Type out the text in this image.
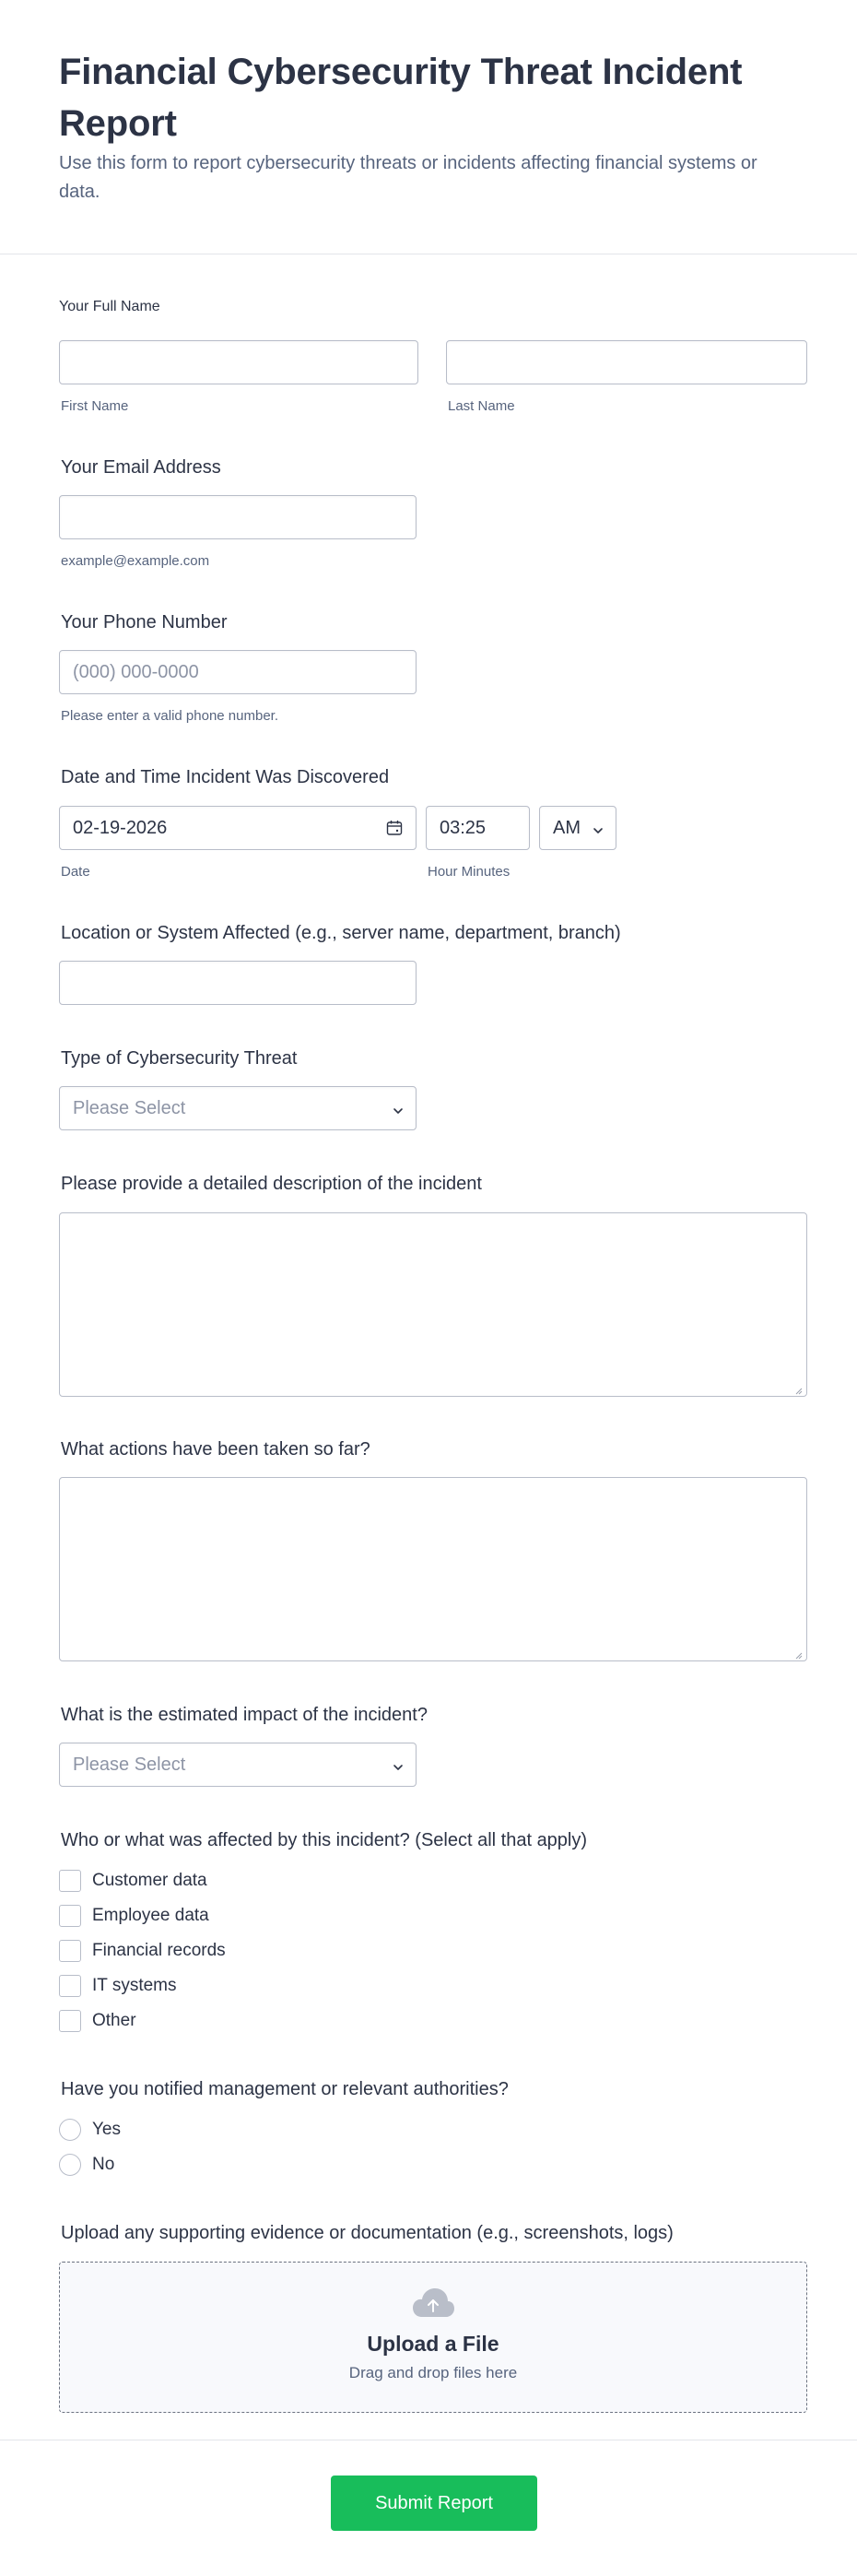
Financial Cybersecurity Threat Incident Report

Use this form to report cybersecurity threats or incidents affecting financial systems or data.

Your Full Name
First Name	Last Name
Your Email Address
example@example.com
Your Phone Number
(000) 000-0000
Please enter a valid phone number.
Date and Time Incident Was Discovered
02-19-2026
Date
03:25
Hour Minutes
AM
Location or System Affected (e.g., server name, department, branch)
Type of Cybersecurity Threat
Please Select
Please provide a detailed description of the incident
What actions have been taken so far?
What is the estimated impact of the incident?
Please Select
Who or what was affected by this incident? (Select all that apply)
Customer data
Employee data
Financial records
IT systems
Other
Have you notified management or relevant authorities?
Yes
No
Upload any supporting evidence or documentation (e.g., screenshots, logs)
Upload a File
Drag and drop files here
Submit Report
